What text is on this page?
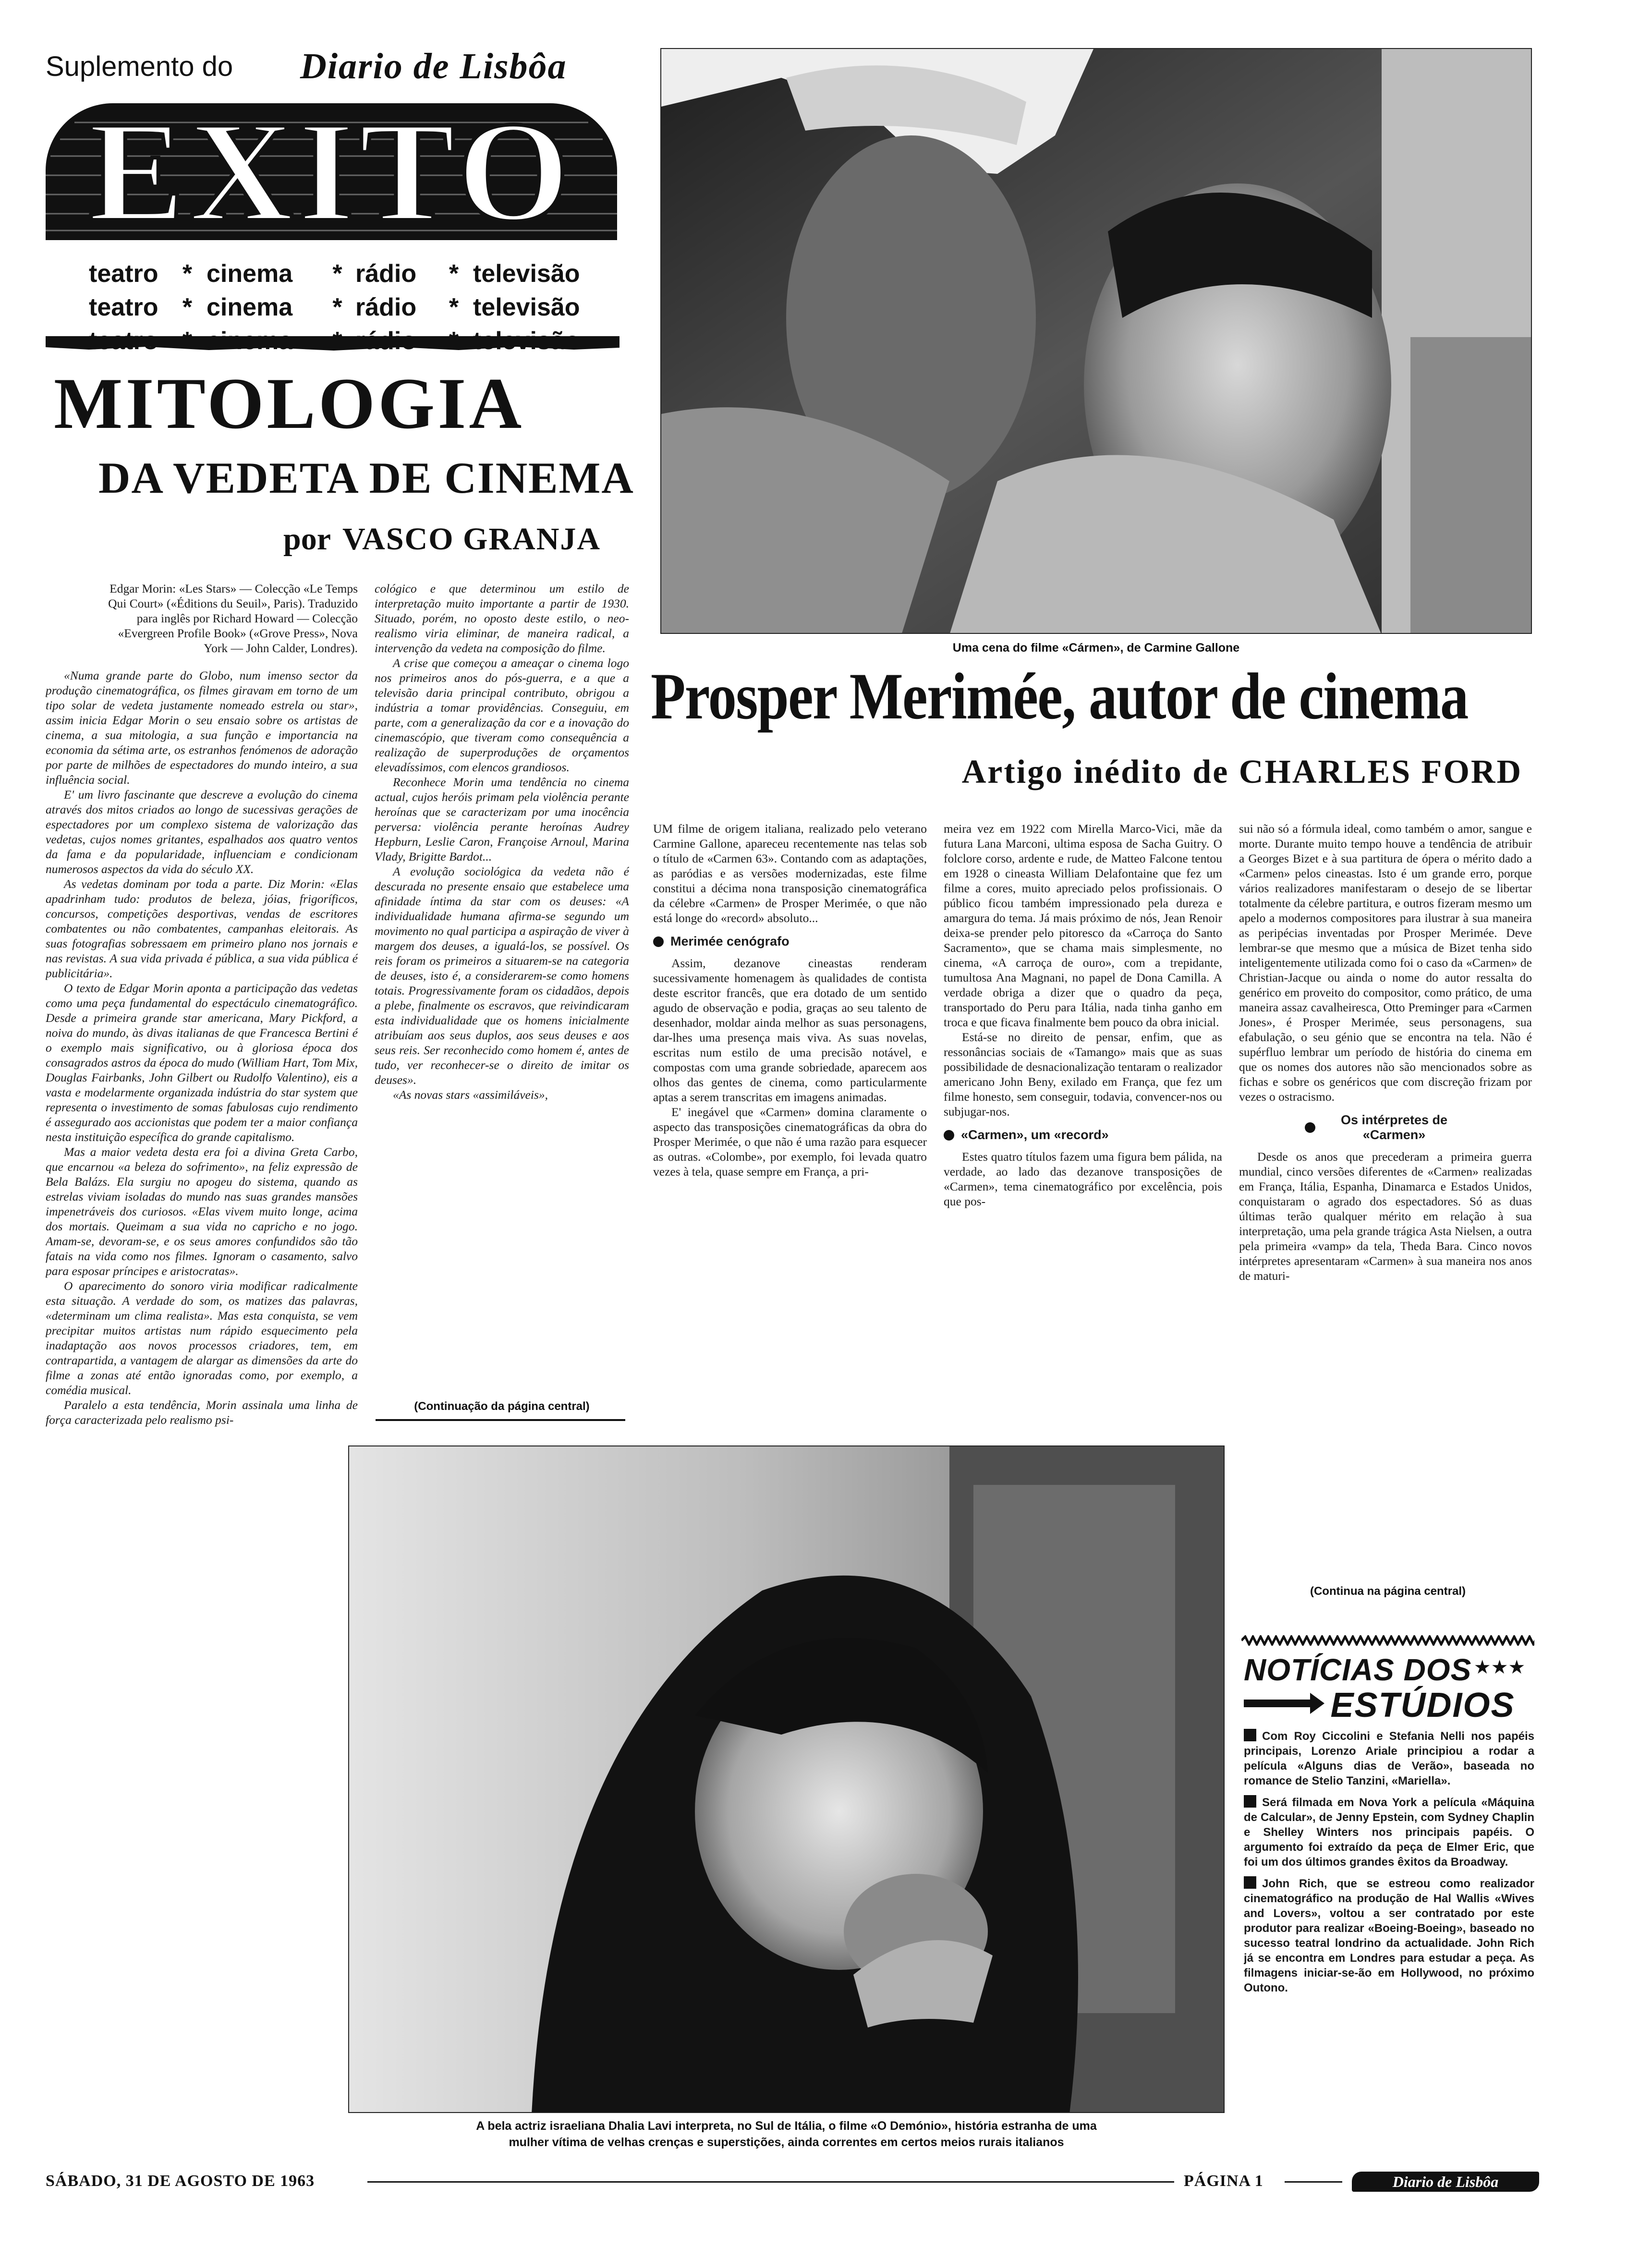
Suplemento do Diario de Lisbôa
EXITO
teatro * cinema	* rádio	* televisão
teatro * cinema	* rádio	* televisão
MITOLOGIA
DA VEDETA DE CINEMA
por VASCO GRANJA

Edgar Morin: «Les Stars» — Colecção «Le Temps Qui Court» («Éditions du Seuil», Paris). Traduzido para inglês por Richard Howard — Colecção «Evergreen Profile Book» («Grove Press», Nova York — John Calder, Londres).

«Numa grande parte do Globo, num imenso sector da produção cinematográfica, os filmes giravam em torno de um tipo solar de vedeta justamente nomeado estrela ou star», assim inicia Edgar Morin o seu ensaio sobre os artistas de cinema, a sua mitologia, a sua função e importancia na economia da sétima arte, os estranhos fenómenos de adoração por parte de milhões de espectadores do mundo inteiro, a sua influência social.

E' um livro fascinante que descreve a evolução do cinema através dos mitos criados ao longo de sucessivas gerações de espectadores por um complexo sistema de valorização das vedetas, cujos nomes gritantes, espalhados aos quatro ventos da fama e da popularidade, influenciam e condicionam numerosos aspectos da vida do século XX.

As vedetas dominam por toda a parte. Diz Morin: «Elas apadrinham tudo: produtos de beleza, jóias, frigoríficos, concursos, competições desportivas, vendas de escritores combatentes ou não combatentes, campanhas eleitorais. As suas fotografias sobressaem em primeiro plano nos jornais e nas revistas. A sua vida privada é pública, a sua vida pública é publicitária».

O texto de Edgar Morin aponta a participação das vedetas como uma peça fundamental do espectáculo cinematográfico. Desde a primeira grande star americana, Mary Pickford, a noiva do mundo, às divas italianas de que Francesca Bertini é o exemplo mais significativo, ou à gloriosa época dos consagrados astros da época do mudo (William Hart, Tom Mix, Douglas Fairbanks, John Gilbert ou Rudolfo Valentino), eis a vasta e modelarmente organizada indústria do star system que representa o investimento de somas fabulosas cujo rendimento é assegurado aos accionistas que podem ter a maior confiança nesta instituição específica do grande capitalismo.

Mas a maior vedeta desta era foi a divina Greta Carbo, que encarnou «a beleza do sofrimento», na feliz expressão de Bela Balázs. Ela surgiu no apogeu do sistema, quando as estrelas viviam isoladas do mundo nas suas grandes mansões impenetráveis dos curiosos. «Elas vivem muito longe, acima dos mortais. Queimam a sua vida no capricho e no jogo. Amam-se, devoram-se, e os seus amores confundidos são tão fatais na vida como nos filmes. Ignoram o casamento, salvo para esposar príncipes e aristocratas».

O aparecimento do sonoro viria modificar radicalmente esta situação. A verdade do som, os matizes das palavras, «determinam um clima realista». Mas esta conquista, se vem precipitar muitos artistas num rápido esquecimento pela inadaptação aos novos processos criadores, tem, em contrapartida, a vantagem de alargar as dimensões da arte do filme a zonas até então ignoradas como, por exemplo, a comédia musical.

Paralelo a esta tendência, Morin assinala uma linha de força caracterizada pelo realismo psi-

cológico e que determinou um estilo de interpretação muito importante a partir de 1930. Situado, porém, no oposto deste estilo, o neo-realismo viria eliminar, de maneira radical, a intervenção da vedeta na composição do filme.

A crise que começou a ameaçar o cinema logo nos primeiros anos do pós-guerra, e a que a televisão daria principal contributo, obrigou a indústria a tomar providências. Conseguiu, em parte, com a generalização da cor e a inovação do cinemascópio, que tiveram como consequência a realização de superproduções de orçamentos elevadíssimos, com elencos grandiosos.

Reconhece Morin uma tendência no cinema actual, cujos heróis primam pela violência perante heroínas que se caracterizam por uma inocência perversa: violência perante heroínas Audrey Hepburn, Leslie Caron, Françoise Arnoul, Marina Vlady, Brigitte Bardot...

A evolução sociológica da vedeta não é descurada no presente ensaio que estabelece uma afinidade íntima da star com os deuses: «A individualidade humana afirma-se segundo um movimento no qual participa a aspiração de viver à margem dos deuses, a igualá-los, se possível. Os reis foram os primeiros a situarem-se na categoria de deuses, isto é, a considerarem-se como homens totais. Progressivamente foram os cidadãos, depois a plebe, finalmente os escravos, que reivindicaram esta individualidade que os homens inicialmente atribuíam aos seus duplos, aos seus deuses e aos seus reis. Ser reconhecido como homem é, antes de tudo, ver reconhecer-se o direito de imitar os deuses».

«As novas stars «assimiláveis»,

(Continuação da página central)
Uma cena do filme «Cármen», de Carmine Gallone
Prosper Merimée, autor de cinema
Artigo inédito de CHARLES FORD

UM filme de origem italiana, realizado pelo veterano Carmine Gallone, apareceu recentemente nas telas sob o título de «Carmen 63». Contando com as adaptações, as paródias e as versões modernizadas, este filme constitui a décima nona transposição cinematográfica da célebre «Carmen» de Prosper Merimée, o que não está longe do «record» absoluto...

Merimée cenógrafo

Assim, dezanove cineastas renderam sucessivamente homenagem às qualidades de contista deste escritor francês, que era dotado de um sentido agudo de observação e podia, graças ao seu talento de desenhador, moldar ainda melhor as suas personagens, dar-lhes uma presença mais viva. As suas novelas, escritas num estilo de uma precisão notável, e compostas com uma grande sobriedade, aparecem aos olhos das gentes de cinema, como particularmente aptas a serem transcritas em imagens animadas.

E' inegável que «Carmen» domina claramente o aspecto das transposições cinematográficas da obra do Prosper Merimée, o que não é uma razão para esquecer as outras. «Colombe», por exemplo, foi levada quatro vezes à tela, quase sempre em França, a pri-

meira vez em 1922 com Mirella Marco-Vici, mãe da futura Lana Marconi, ultima esposa de Sacha Guitry. O folclore corso, ardente e rude, de Matteo Falcone tentou em 1928 o cineasta William Delafontaine que fez um filme a cores, muito apreciado pelos profissionais. O público ficou também impressionado pela dureza e amargura do tema. Já mais próximo de nós, Jean Renoir deixa-se prender pelo pitoresco da «Carroça do Santo Sacramento», que se chama mais simplesmente, no cinema, «A carroça de ouro», com a trepidante, tumultosa Ana Magnani, no papel de Dona Camilla. A verdade obriga a dizer que o quadro da peça, transportado do Peru para Itália, nada tinha ganho em troca e que ficava finalmente bem pouco da obra inicial.

Está-se no direito de pensar, enfim, que as ressonâncias sociais de «Tamango» mais que as suas possibilidade de desnacionalização tentaram o realizador americano John Beny, exilado em França, que fez um filme honesto, sem conseguir, todavia, convencer-nos ou subjugar-nos.

«Carmen», um «record»

Estes quatro títulos fazem uma figura bem pálida, na verdade, ao lado das dezanove transposições de «Carmen», tema cinematográfico por excelência, pois que pos-

sui não só a fórmula ideal, como também o amor, sangue e morte. Durante muito tempo houve a tendência de atribuir a Georges Bizet e à sua partitura de ópera o mérito dado a «Carmen» pelos cineastas. Isto é um grande erro, porque vários realizadores manifestaram o desejo de se libertar totalmente da célebre partitura, e outros fizeram mesmo um apelo a modernos compositores para ilustrar à sua maneira as peripécias inventadas por Prosper Merimée. Deve lembrar-se que mesmo que a música de Bizet tenha sido inteligentemente utilizada como foi o caso da «Carmen» de Christian-Jacque ou ainda o nome do autor ressalta do genérico em proveito do compositor, como prático, de uma maneira assaz cavalheiresca, Otto Preminger para «Carmen Jones», é Prosper Merimée, seus personagens, sua efabulação, o seu génio que se encontra na tela. Não é supérfluo lembrar um período de história do cinema em que os nomes dos autores não são mencionados sobre as fichas e sobre os genéricos que com discreção frizam por vezes o ostracismo.

Os intérpretes de «Carmen»

Desde os anos que precederam a primeira guerra mundial, cinco versões diferentes de «Carmen» realizadas em França, Itália, Espanha, Dinamarca e Estados Unidos, conquistaram o agrado dos espectadores. Só as duas últimas terão qualquer mérito em relação à sua interpretação, uma pela grande trágica Asta Nielsen, a outra pela primeira «vamp» da tela, Theda Bara. Cinco novos intérpretes apresentaram «Carmen» à sua maneira nos anos de maturi-

(Continua na página central)
A bela actriz israeliana Dhalia Lavi interpreta, no Sul de Itália, o filme «O Demónio», história estranha de uma
mulher vítima de velhas crenças e superstições, ainda correntes em certos meios rurais italianos
NOTÍCIAS DOS ★★★
ESTÚDIOS

Com Roy Ciccolini e Stefania Nelli nos papéis principais, Lorenzo Ariale principiou a rodar a película «Alguns dias de Verão», baseada no romance de Stelio Tanzini, «Mariella».

Será filmada em Nova York a película «Máquina de Calcular», de Jenny Epstein, com Sydney Chaplin e Shelley Winters nos principais papéis. O argumento foi extraído da peça de Elmer Eric, que foi um dos últimos grandes êxitos da Broadway.

John Rich, que se estreou como realizador cinematográfico na produção de Hal Wallis «Wives and Lovers», voltou a ser contratado por este produtor para realizar «Boeing-Boeing», baseado no sucesso teatral londrino da actualidade. John Rich já se encontra em Londres para estudar a peça. As filmagens iniciar-se-ão em Hollywood, no próximo Outono.

SÁBADO, 31 DE AGOSTO DE 1963	PÁGINA 1	Diario de Lisbôa
